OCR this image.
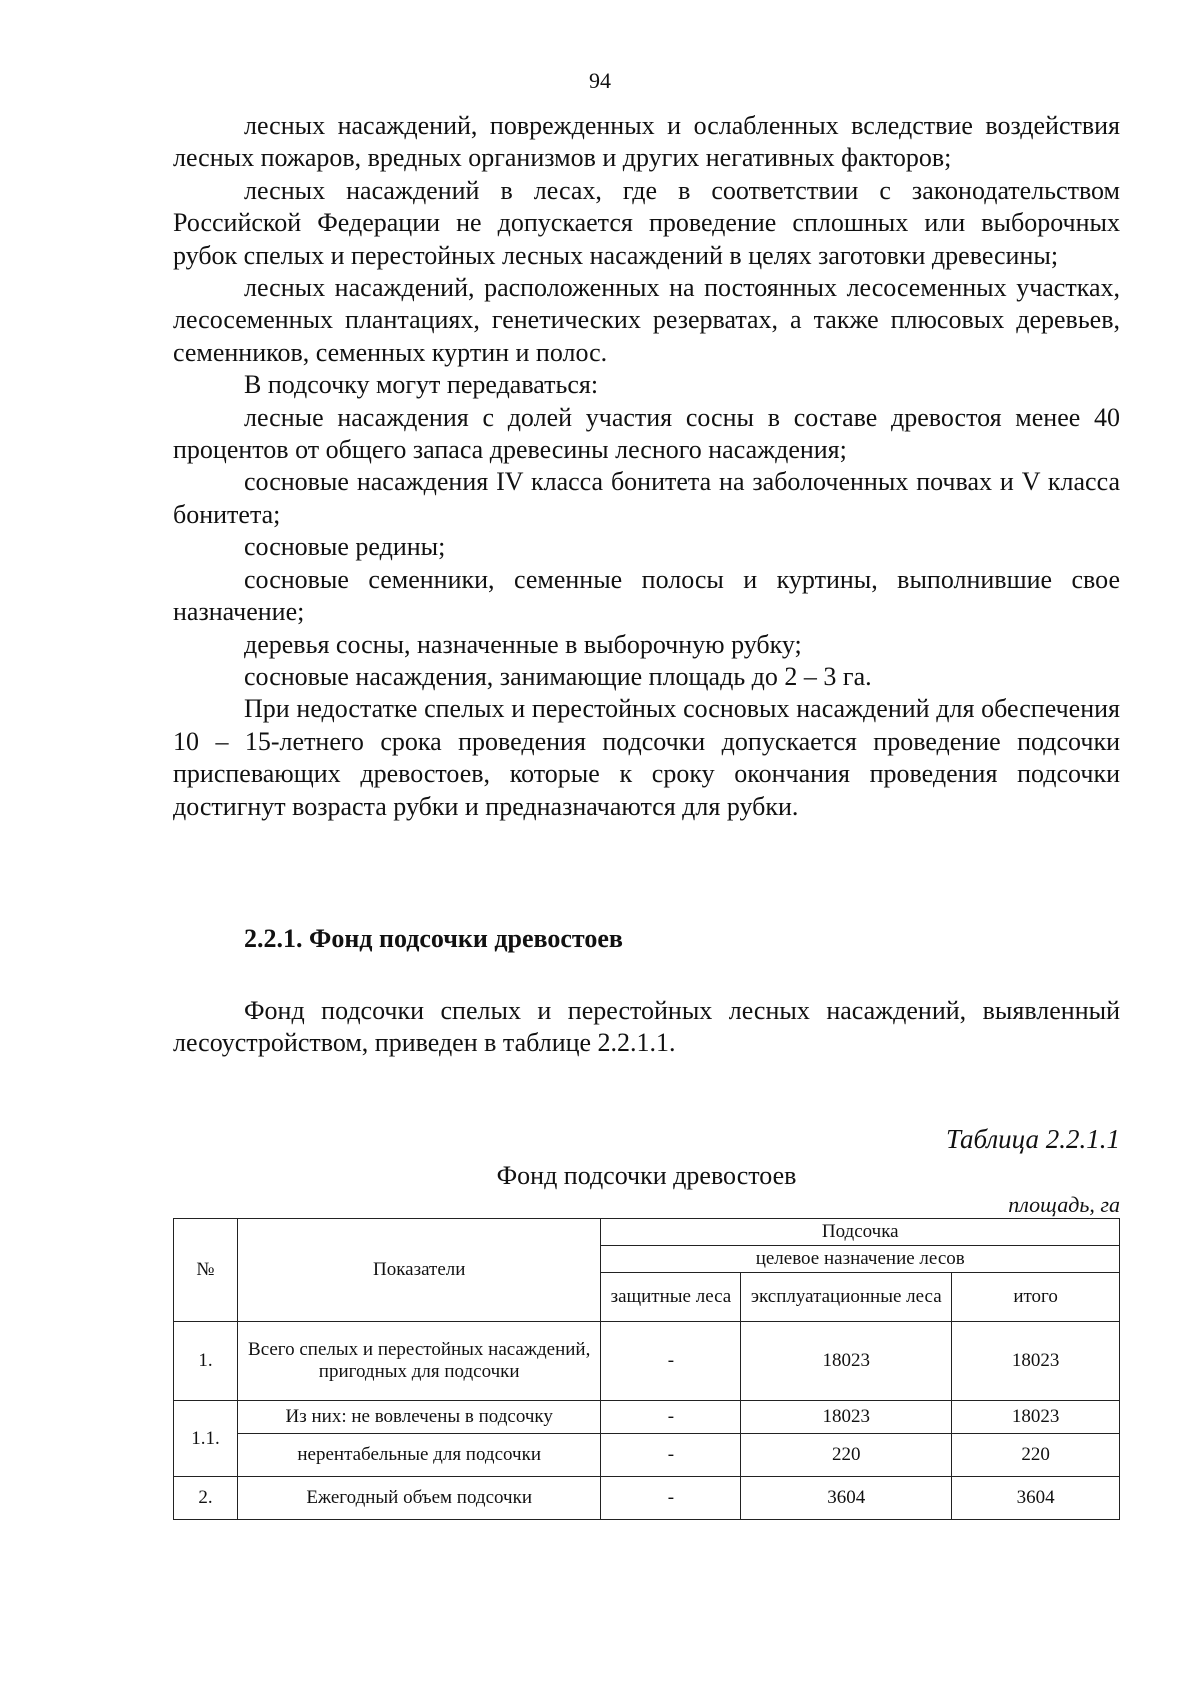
94

лесных насаждений, поврежденных и ослабленных вследствие воздействия лесных пожаров, вредных организмов и других негативных факторов;

лесных насаждений в лесах, где в соответствии с законодательством Российской Федерации не допускается проведение сплошных или выборочных рубок спелых и перестойных лесных насаждений в целях заготовки древесины;

лесных насаждений, расположенных на постоянных лесосеменных участках, лесосеменных плантациях, генетических резерватах, а также плюсовых деревьев, семенников, семенных куртин и полос.

В подсочку могут передаваться:

лесные насаждения с долей участия сосны в составе древостоя менее 40 процентов от общего запаса древесины лесного насаждения;

сосновые насаждения IV класса бонитета на заболоченных почвах и V класса бонитета;

сосновые редины;

сосновые семенники, семенные полосы и куртины, выполнившие свое назначение;

деревья сосны, назначенные в выборочную рубку;

сосновые насаждения, занимающие площадь до 2 – 3 га.

При недостатке спелых и перестойных сосновых насаждений для обеспечения 10 – 15-летнего срока проведения подсочки допускается проведение подсочки приспевающих древостоев, которые к сроку окончания проведения подсочки достигнут возраста рубки и предназначаются для рубки.

2.2.1. Фонд подсочки древостоев

Фонд подсочки спелых и перестойных лесных насаждений, выявленный лесоустройством, приведен в таблице 2.2.1.1.

Таблица 2.2.1.1
Фонд подсочки древостоев
площадь, га
№	Показатели	Подсочка		
		целевое назначение лесов		
		защитные леса	эксплуатационные леса	итого
1.	Всего спелых и перестойных насаждений, пригодных для подсочки	-	18023	18023
1.1.	Из них: не вовлечены в подсочку	-	18023	18023
	нерентабельные для подсочки	-	220	220
2.	Ежегодный объем подсочки	-	3604	3604
